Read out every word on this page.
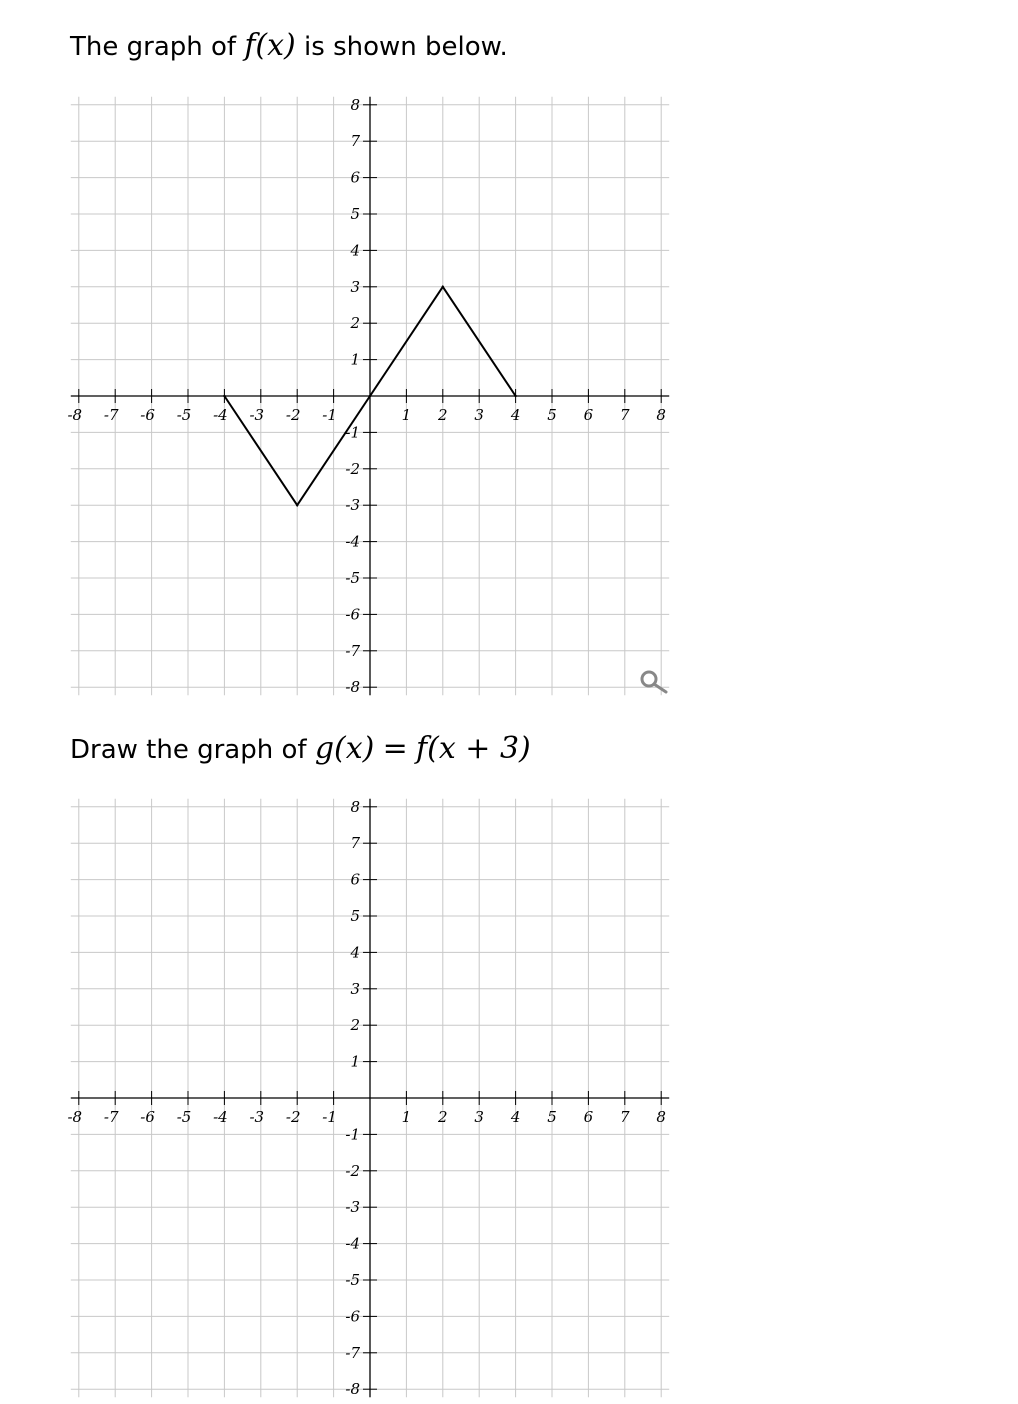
The graph of f(x) is shown below.
-8 -7 -6 -5 -4 -3 -2 -1	1 2 3 4 5 6 7 8
8
7
6
5
4
3
2
1
-1
-2
-3
-4
-5
-6
-7
-8
Draw the graph of g(x) = f(x + 3)
-8 -7 -6 -5 -4 -3 -2 -1	1 2 3 4 5 6 7 8
8
7
6
5
4
3
2
1
-1
-2
-3
-4
-5
-6
-7
-8
